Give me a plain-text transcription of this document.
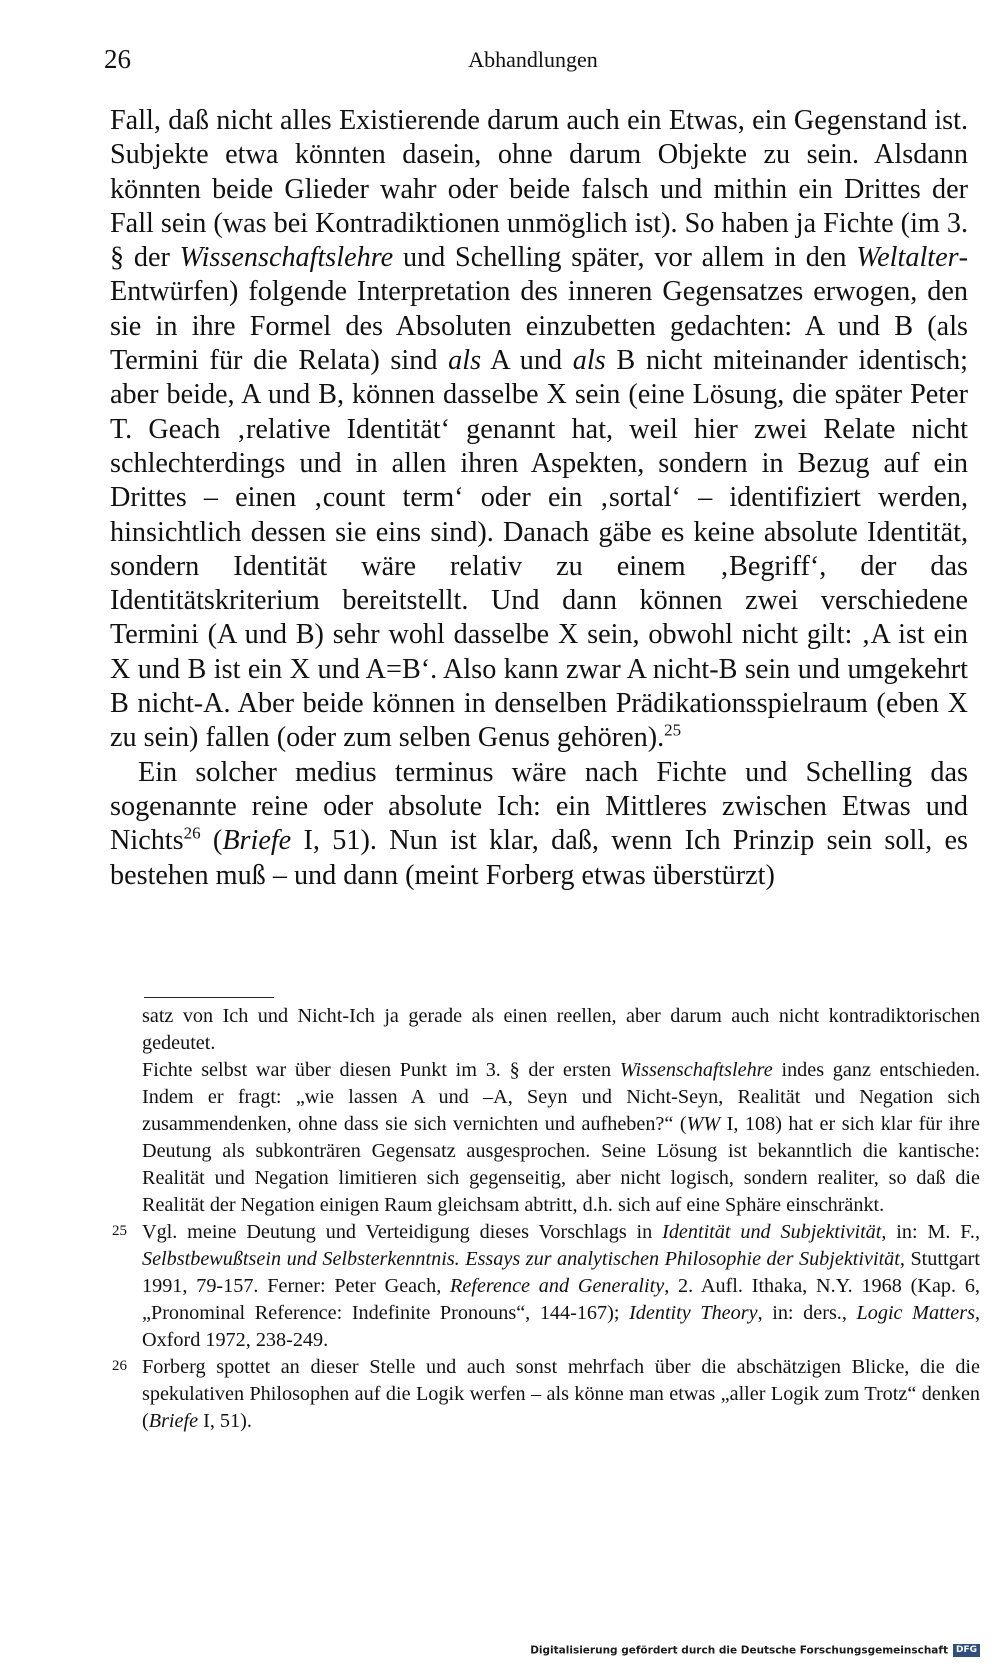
26	Abhandlungen

Fall, daß nicht alles Existierende darum auch ein Etwas, ein Gegenstand ist. Subjekte etwa könnten dasein, ohne darum Objekte zu sein. Alsdann könnten beide Glieder wahr oder beide falsch und mithin ein Drittes der Fall sein (was bei Kontradiktionen unmöglich ist). So haben ja Fichte (im 3. § der Wissenschaftslehre und Schelling später, vor allem in den Weltalter-Entwürfen) folgende Interpretation des inneren Gegensatzes erwogen, den sie in ihre Formel des Absoluten einzubetten gedachten: A und B (als Termini für die Relata) sind als A und als B nicht miteinander identisch; aber beide, A und B, können dasselbe X sein (eine Lösung, die später Peter T. Geach ‚relative Identität‘ genannt hat, weil hier zwei Relate nicht schlechterdings und in allen ihren Aspekten, sondern in Bezug auf ein Drittes – einen ‚count term‘ oder ein ‚sortal‘ – identifiziert werden, hinsichtlich dessen sie eins sind). Danach gäbe es keine absolute Identität, sondern Identität wäre relativ zu einem ‚Begriff‘, der das Identitätskriterium bereitstellt. Und dann können zwei verschiedene Termini (A und B) sehr wohl dasselbe X sein, obwohl nicht gilt: ‚A ist ein X und B ist ein X und A=B‘. Also kann zwar A nicht-B sein und umgekehrt B nicht-A. Aber beide können in denselben Prädikationsspielraum (eben X zu sein) fallen (oder zum selben Genus gehören).$^{25}$

Ein solcher medius terminus wäre nach Fichte und Schelling das sogenannte reine oder absolute Ich: ein Mittleres zwischen Etwas und Nichts$^{26}$ (Briefe I, 51). Nun ist klar, daß, wenn Ich Prinzip sein soll, es bestehen muß – und dann (meint Forberg etwas überstürzt)

satz von Ich und Nicht-Ich ja gerade als einen reellen, aber darum auch nicht kontradiktorischen gedeutet.

Fichte selbst war über diesen Punkt im 3. § der ersten Wissenschaftslehre indes ganz entschieden. Indem er fragt: „wie lassen A und –A, Seyn und Nicht-Seyn, Realität und Negation sich zusammendenken, ohne dass sie sich vernichten und aufheben?“ (WW I, 108) hat er sich klar für ihre Deutung als subkonträren Gegensatz ausgesprochen. Seine Lösung ist bekanntlich die kantische: Realität und Negation limitieren sich gegenseitig, aber nicht logisch, sondern realiter, so daß die Realität der Negation einigen Raum gleichsam abtritt, d.h. sich auf eine Sphäre einschränkt.

25 Vgl. meine Deutung und Verteidigung dieses Vorschlags in Identität und Subjektivität, in: M. F., Selbstbewußtsein und Selbsterkenntnis. Essays zur analytischen Philosophie der Subjektivität, Stuttgart 1991, 79-157. Ferner: Peter Geach, Reference and Generality, 2. Aufl. Ithaka, N.Y. 1968 (Kap. 6, „Pronominal Reference: Indefinite Pronouns“, 144-167); Identity Theory, in: ders., Logic Matters, Oxford 1972, 238-249.

26 Forberg spottet an dieser Stelle und auch sonst mehrfach über die abschätzigen Blicke, die die spekulativen Philosophen auf die Logik werfen – als könne man etwas „aller Logik zum Trotz“ denken (Briefe I, 51).

Digitalisierung gefördert durch die Deutsche Forschungsgemeinschaft DFG
